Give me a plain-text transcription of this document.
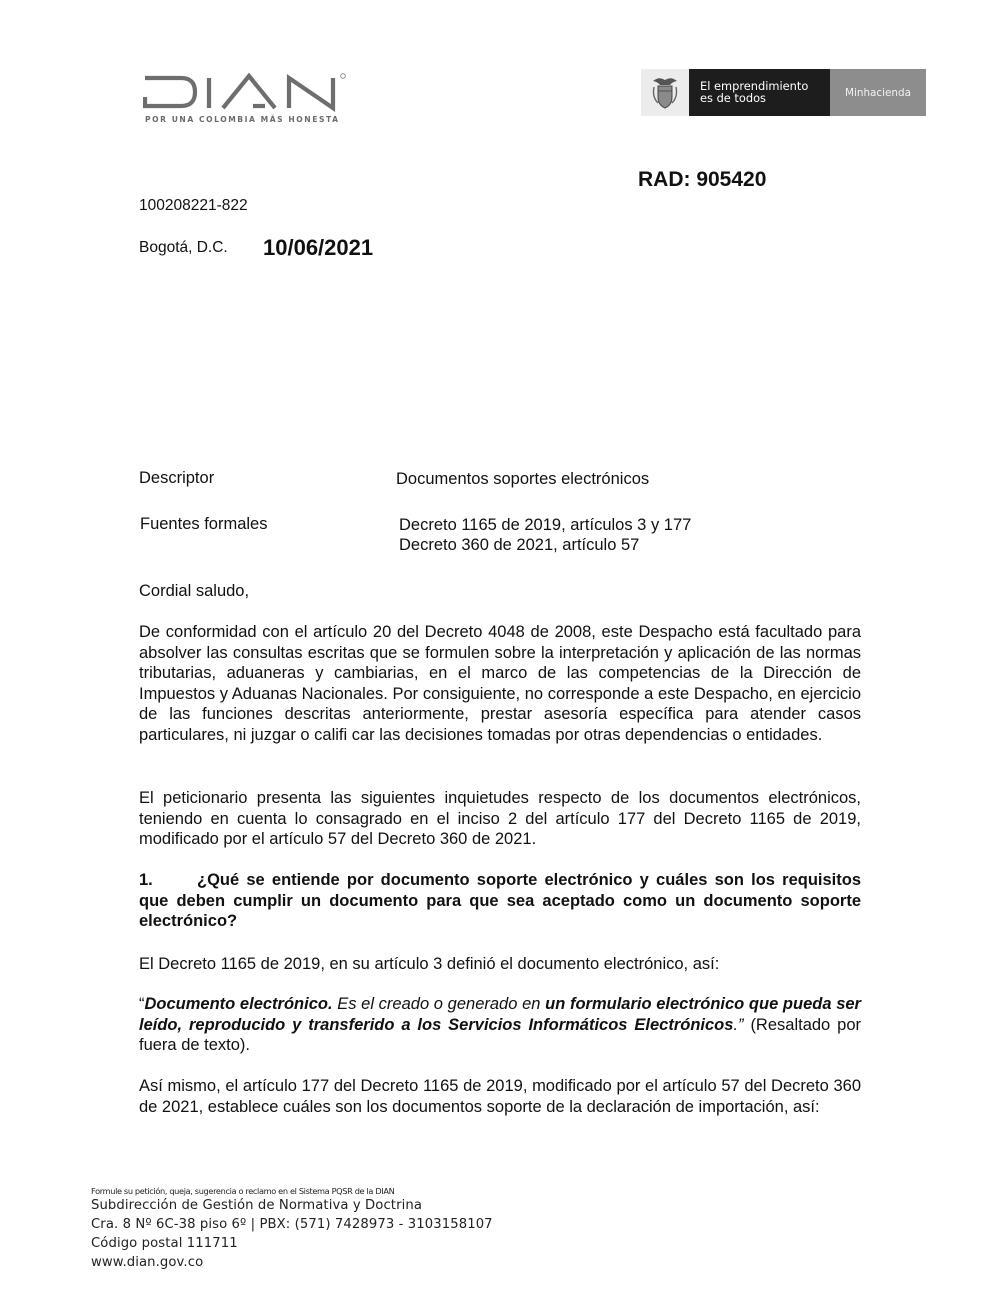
POR UNA COLOMBIA MÁS HONESTA
El emprendimiento
es de todos	Minhacienda
RAD: 905420
100208221-822
Bogotá, D.C. 10/06/2021
Descriptor	Documentos soportes electrónicos
Fuentes formales	Decreto 1165 de 2019, artículos 3 y 177
Decreto 360 de 2021, artículo 57
Cordial saludo,
De conformidad con el artículo 20 del Decreto 4048 de 2008, este Despacho está facultado para absolver las consultas escritas que se formulen sobre la interpretación y aplicación de las normas tributarias, aduaneras y cambiarias, en el marco de las competencias de la Dirección de Impuestos y Aduanas Nacionales. Por consiguiente, no corresponde a este Despacho, en ejercicio de las funciones descritas anteriormente, prestar asesoría específica para atender casos particulares, ni juzgar o califi car las decisiones tomadas por otras dependencias o entidades.
El peticionario presenta las siguientes inquietudes respecto de los documentos electrónicos, teniendo en cuenta lo consagrado en el inciso 2 del artículo 177 del Decreto 1165 de 2019, modificado por el artículo 57 del Decreto 360 de 2021.
1.	¿Qué se entiende por documento soporte electrónico y cuáles son los requisitos que deben cumplir un documento para que sea aceptado como un documento soporte electrónico?
El Decreto 1165 de 2019, en su artículo 3 definió el documento electrónico, así:
“Documento electrónico. Es el creado o generado en un formulario electrónico que pueda ser leído, reproducido y transferido a los Servicios Informáticos Electrónicos.” (Resaltado por fuera de texto).
Así mismo, el artículo 177 del Decreto 1165 de 2019, modificado por el artículo 57 del Decreto 360 de 2021, establece cuáles son los documentos soporte de la declaración de importación, así:
Formule su petición, queja, sugerencia o reclamo en el Sistema PQSR de la DIAN
Subdirección de Gestión de Normativa y Doctrina
Cra. 8 Nº 6C-38 piso 6º | PBX: (571) 7428973 - 3103158107
Código postal 111711
www.dian.gov.co
